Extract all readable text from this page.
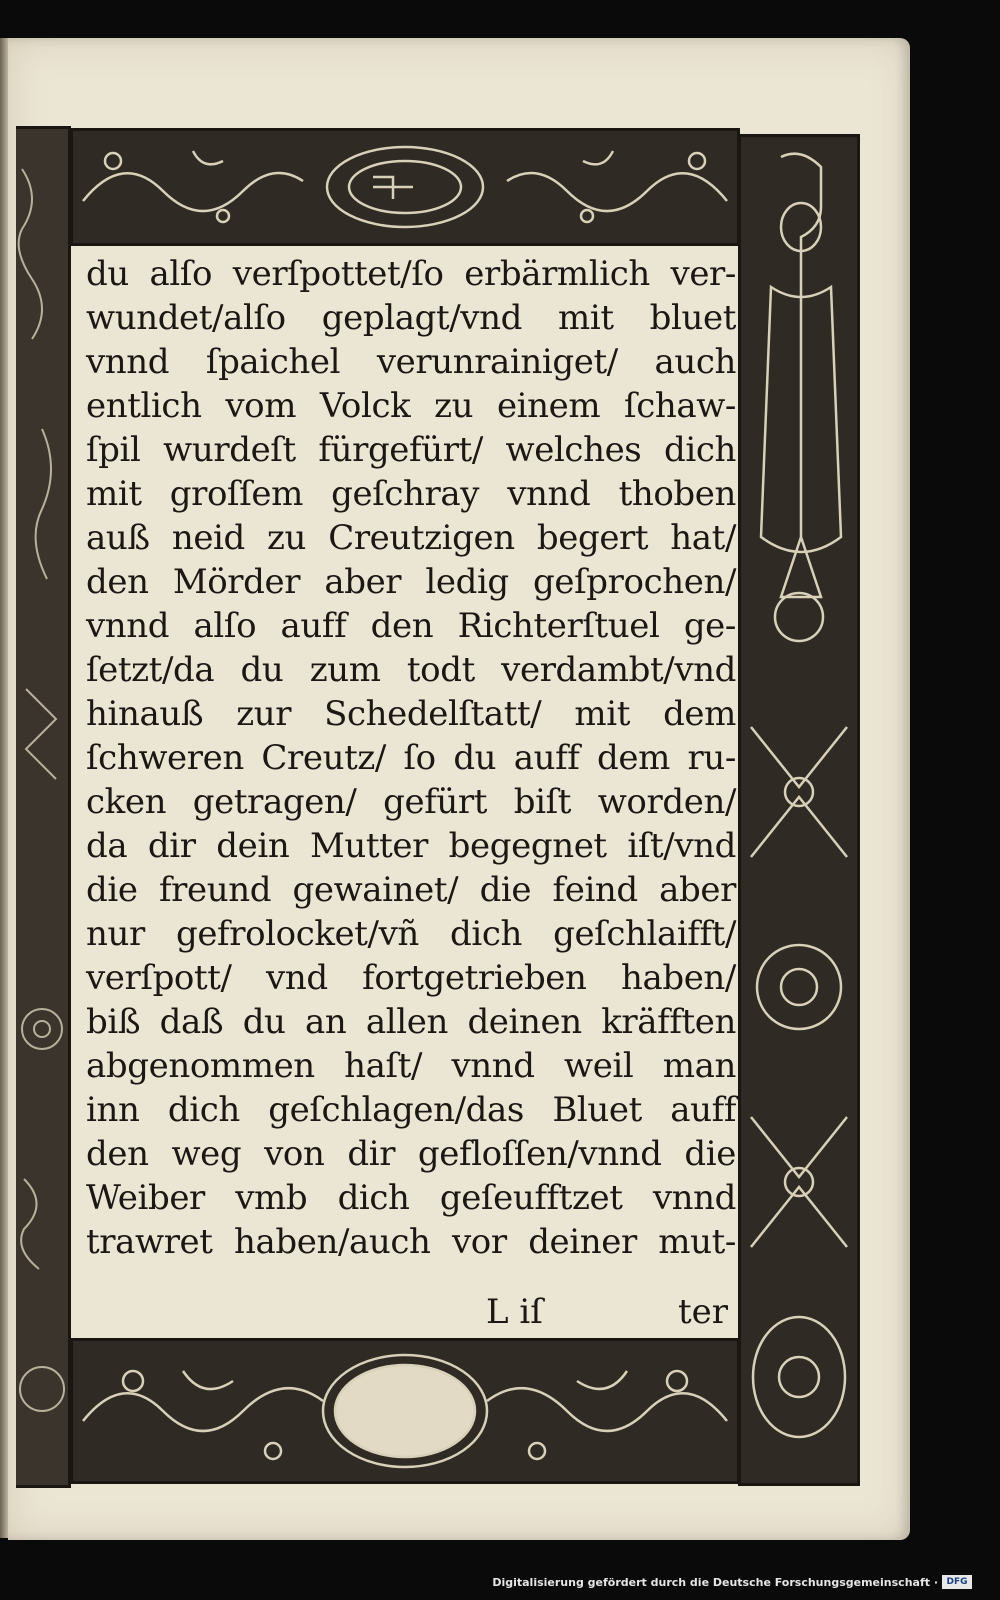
L iſ	ter
du alſo verſpottet/ſo erbärmlich ver-
wundet/alſo geplagt/vnd mit bluet
vnnd ſpaichel verunrainiget/ auch
entlich vom Volck zu einem ſchaw-
ſpil wurdeſt fürgefürt/ welches dich
mit groſſem geſchray vnnd thoben
auß neid zu Creutzigen begert hat/
den Mörder aber ledig geſprochen/
vnnd alſo auff den Richterſtuel ge-
ſetzt/da du zum todt verdambt/vnd
hinauß zur Schedelſtatt/ mit dem
ſchweren Creutz/ ſo du auff dem ru-
cken getragen/ gefürt biſt worden/
da dir dein Mutter begegnet iſt/vnd
die freund gewainet/ die feind aber
nur gefrolocket/vñ dich geſchlaifft/
verſpott/ vnd fortgetrieben haben/
biß daß du an allen deinen kräfften
abgenommen haſt/ vnnd weil man
inn dich geſchlagen/das Bluet auff
den weg von dir gefloſſen/vnnd die
Weiber vmb dich geſeufftzet vnnd
trawret haben/auch vor deiner mut-
Digitalisierung gefördert durch die Deutsche Forschungsgemeinschaft · DFG
